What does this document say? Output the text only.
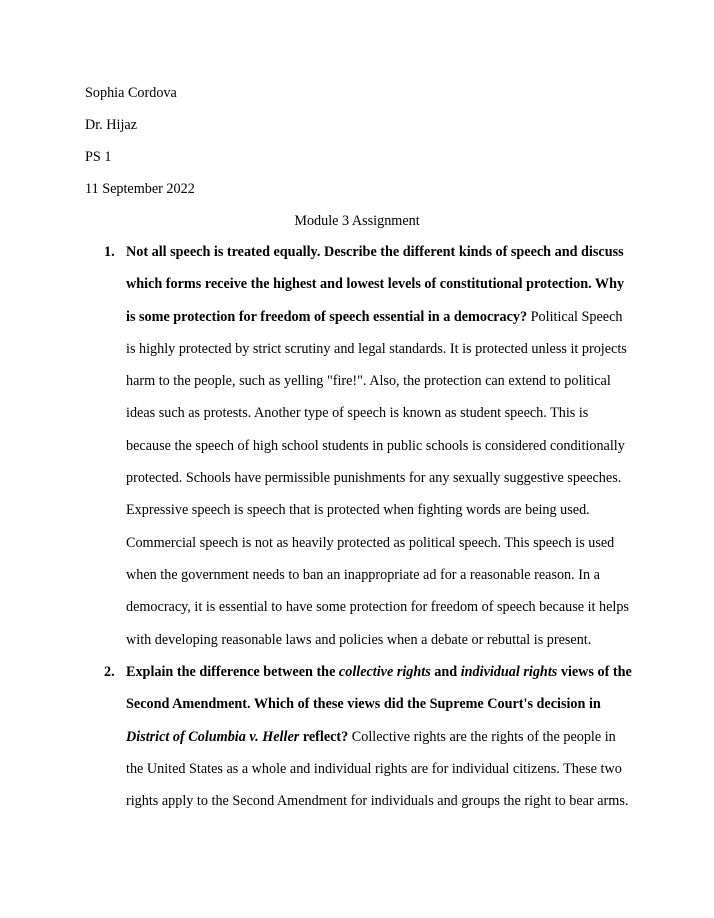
Sophia Cordova
Dr. Hijaz
PS 1
11 September 2022
Module 3 Assignment
1. Not all speech is treated equally. Describe the different kinds of speech and discuss which forms receive the highest and lowest levels of constitutional protection. Why is some protection for freedom of speech essential in a democracy? Political Speech is highly protected by strict scrutiny and legal standards. It is protected unless it projects harm to the people, such as yelling "fire!". Also, the protection can extend to political ideas such as protests. Another type of speech is known as student speech. This is because the speech of high school students in public schools is considered conditionally protected. Schools have permissible punishments for any sexually suggestive speeches. Expressive speech is speech that is protected when fighting words are being used. Commercial speech is not as heavily protected as political speech. This speech is used when the government needs to ban an inappropriate ad for a reasonable reason. In a democracy, it is essential to have some protection for freedom of speech because it helps with developing reasonable laws and policies when a debate or rebuttal is present.
2. Explain the difference between the collective rights and individual rights views of the Second Amendment. Which of these views did the Supreme Court's decision in District of Columbia v. Heller reflect? Collective rights are the rights of the people in the United States as a whole and individual rights are for individual citizens. These two rights apply to the Second Amendment for individuals and groups the right to bear arms.
